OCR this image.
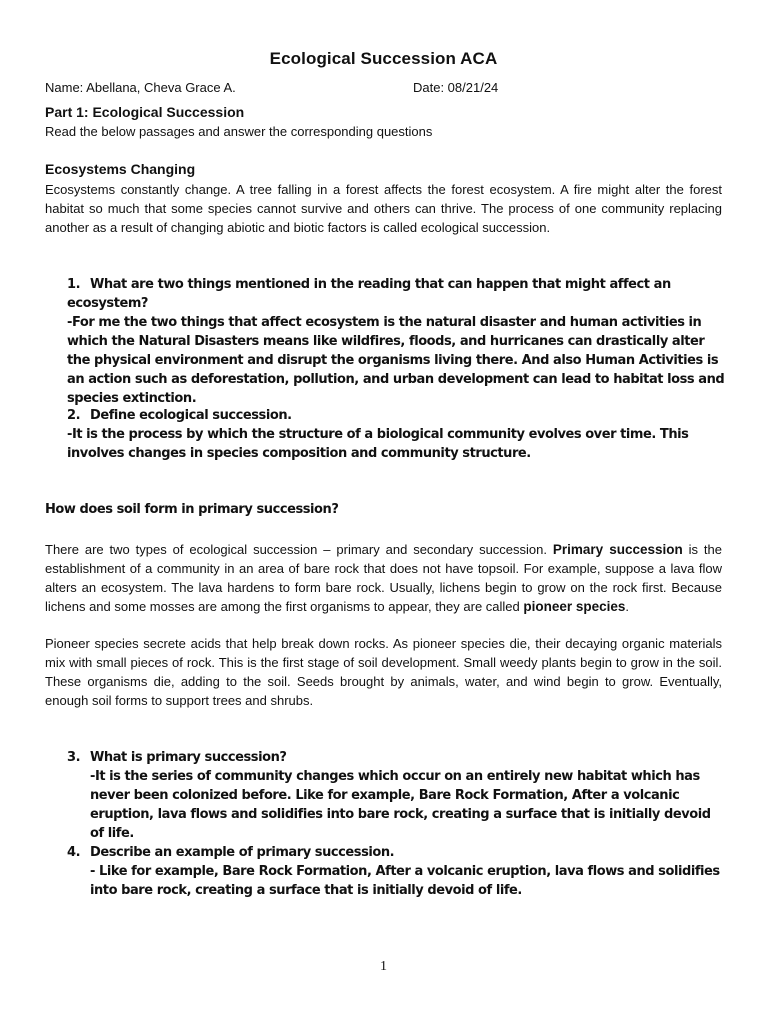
Ecological Succession ACA
Name: Abellana, Cheva Grace A.	Date: 08/21/24
Part 1: Ecological Succession
Read the below passages and answer the corresponding questions
Ecosystems Changing

Ecosystems constantly change. A tree falling in a forest affects the forest ecosystem. A fire might alter the forest habitat so much that some species cannot survive and others can thrive. The process of one community replacing another as a result of changing abiotic and biotic factors is called ecological succession.

1. What are two things mentioned in the reading that can happen that might affect an ecosystem?
-For me the two things that affect ecosystem is the natural disaster and human activities in which the Natural Disasters means like wildfires, floods, and hurricanes can drastically alter the physical environment and disrupt the organisms living there. And also Human Activities is an action such as deforestation, pollution, and urban development can lead to habitat loss and species extinction.
2. Define ecological succession.
-It is the process by which the structure of a biological community evolves over time. This involves changes in species composition and community structure.
How does soil form in primary succession?

There are two types of ecological succession – primary and secondary succession. Primary succession is the establishment of a community in an area of bare rock that does not have topsoil. For example, suppose a lava flow alters an ecosystem. The lava hardens to form bare rock. Usually, lichens begin to grow on the rock first. Because lichens and some mosses are among the first organisms to appear, they are called pioneer species.

Pioneer species secrete acids that help break down rocks. As pioneer species die, their decaying organic materials mix with small pieces of rock. This is the first stage of soil development. Small weedy plants begin to grow in the soil. These organisms die, adding to the soil. Seeds brought by animals, water, and wind begin to grow. Eventually, enough soil forms to support trees and shrubs.

3. What is primary succession?
-It is the series of community changes which occur on an entirely new habitat which has never been colonized before. Like for example, Bare Rock Formation, After a volcanic eruption, lava flows and solidifies into bare rock, creating a surface that is initially devoid of life.
4. Describe an example of primary succession.
- Like for example, Bare Rock Formation, After a volcanic eruption, lava flows and solidifies into bare rock, creating a surface that is initially devoid of life.
1
